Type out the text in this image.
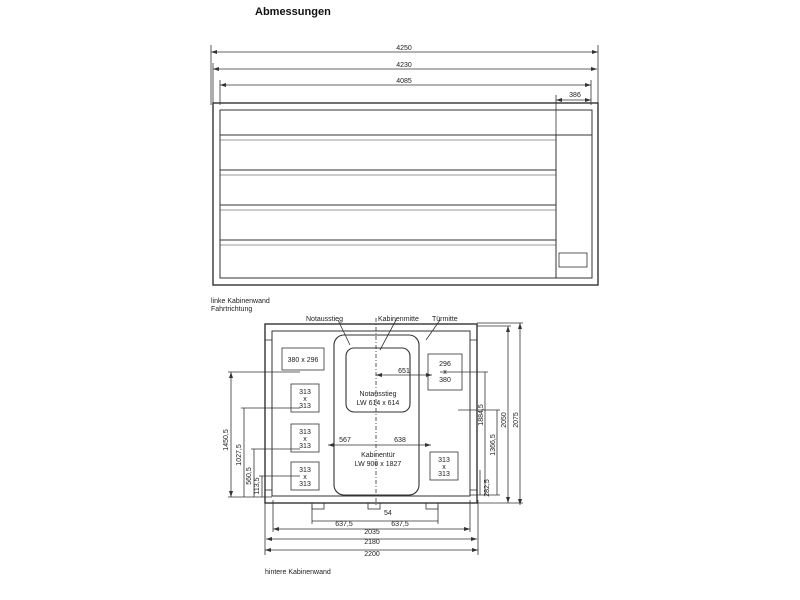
Abmessungen
4250
4230
4085
386
linke Kabinenwand
Fahrtrichtung
Notausstieg	Kabinenmitte Türmitte
380 x 296
296
x
380
313
x
313
313
x
313
313
x
313
313
x
313
Notausstieg
LW 614 x 614
Kabinentür
LW 900 x 1827
651
567	638
54
637,5	637,5
2035
2180
2200
1450,5
1027,5
560,5
113,5
1884,5
1366,5
282,5
2050 2075
hintere Kabinenwand
